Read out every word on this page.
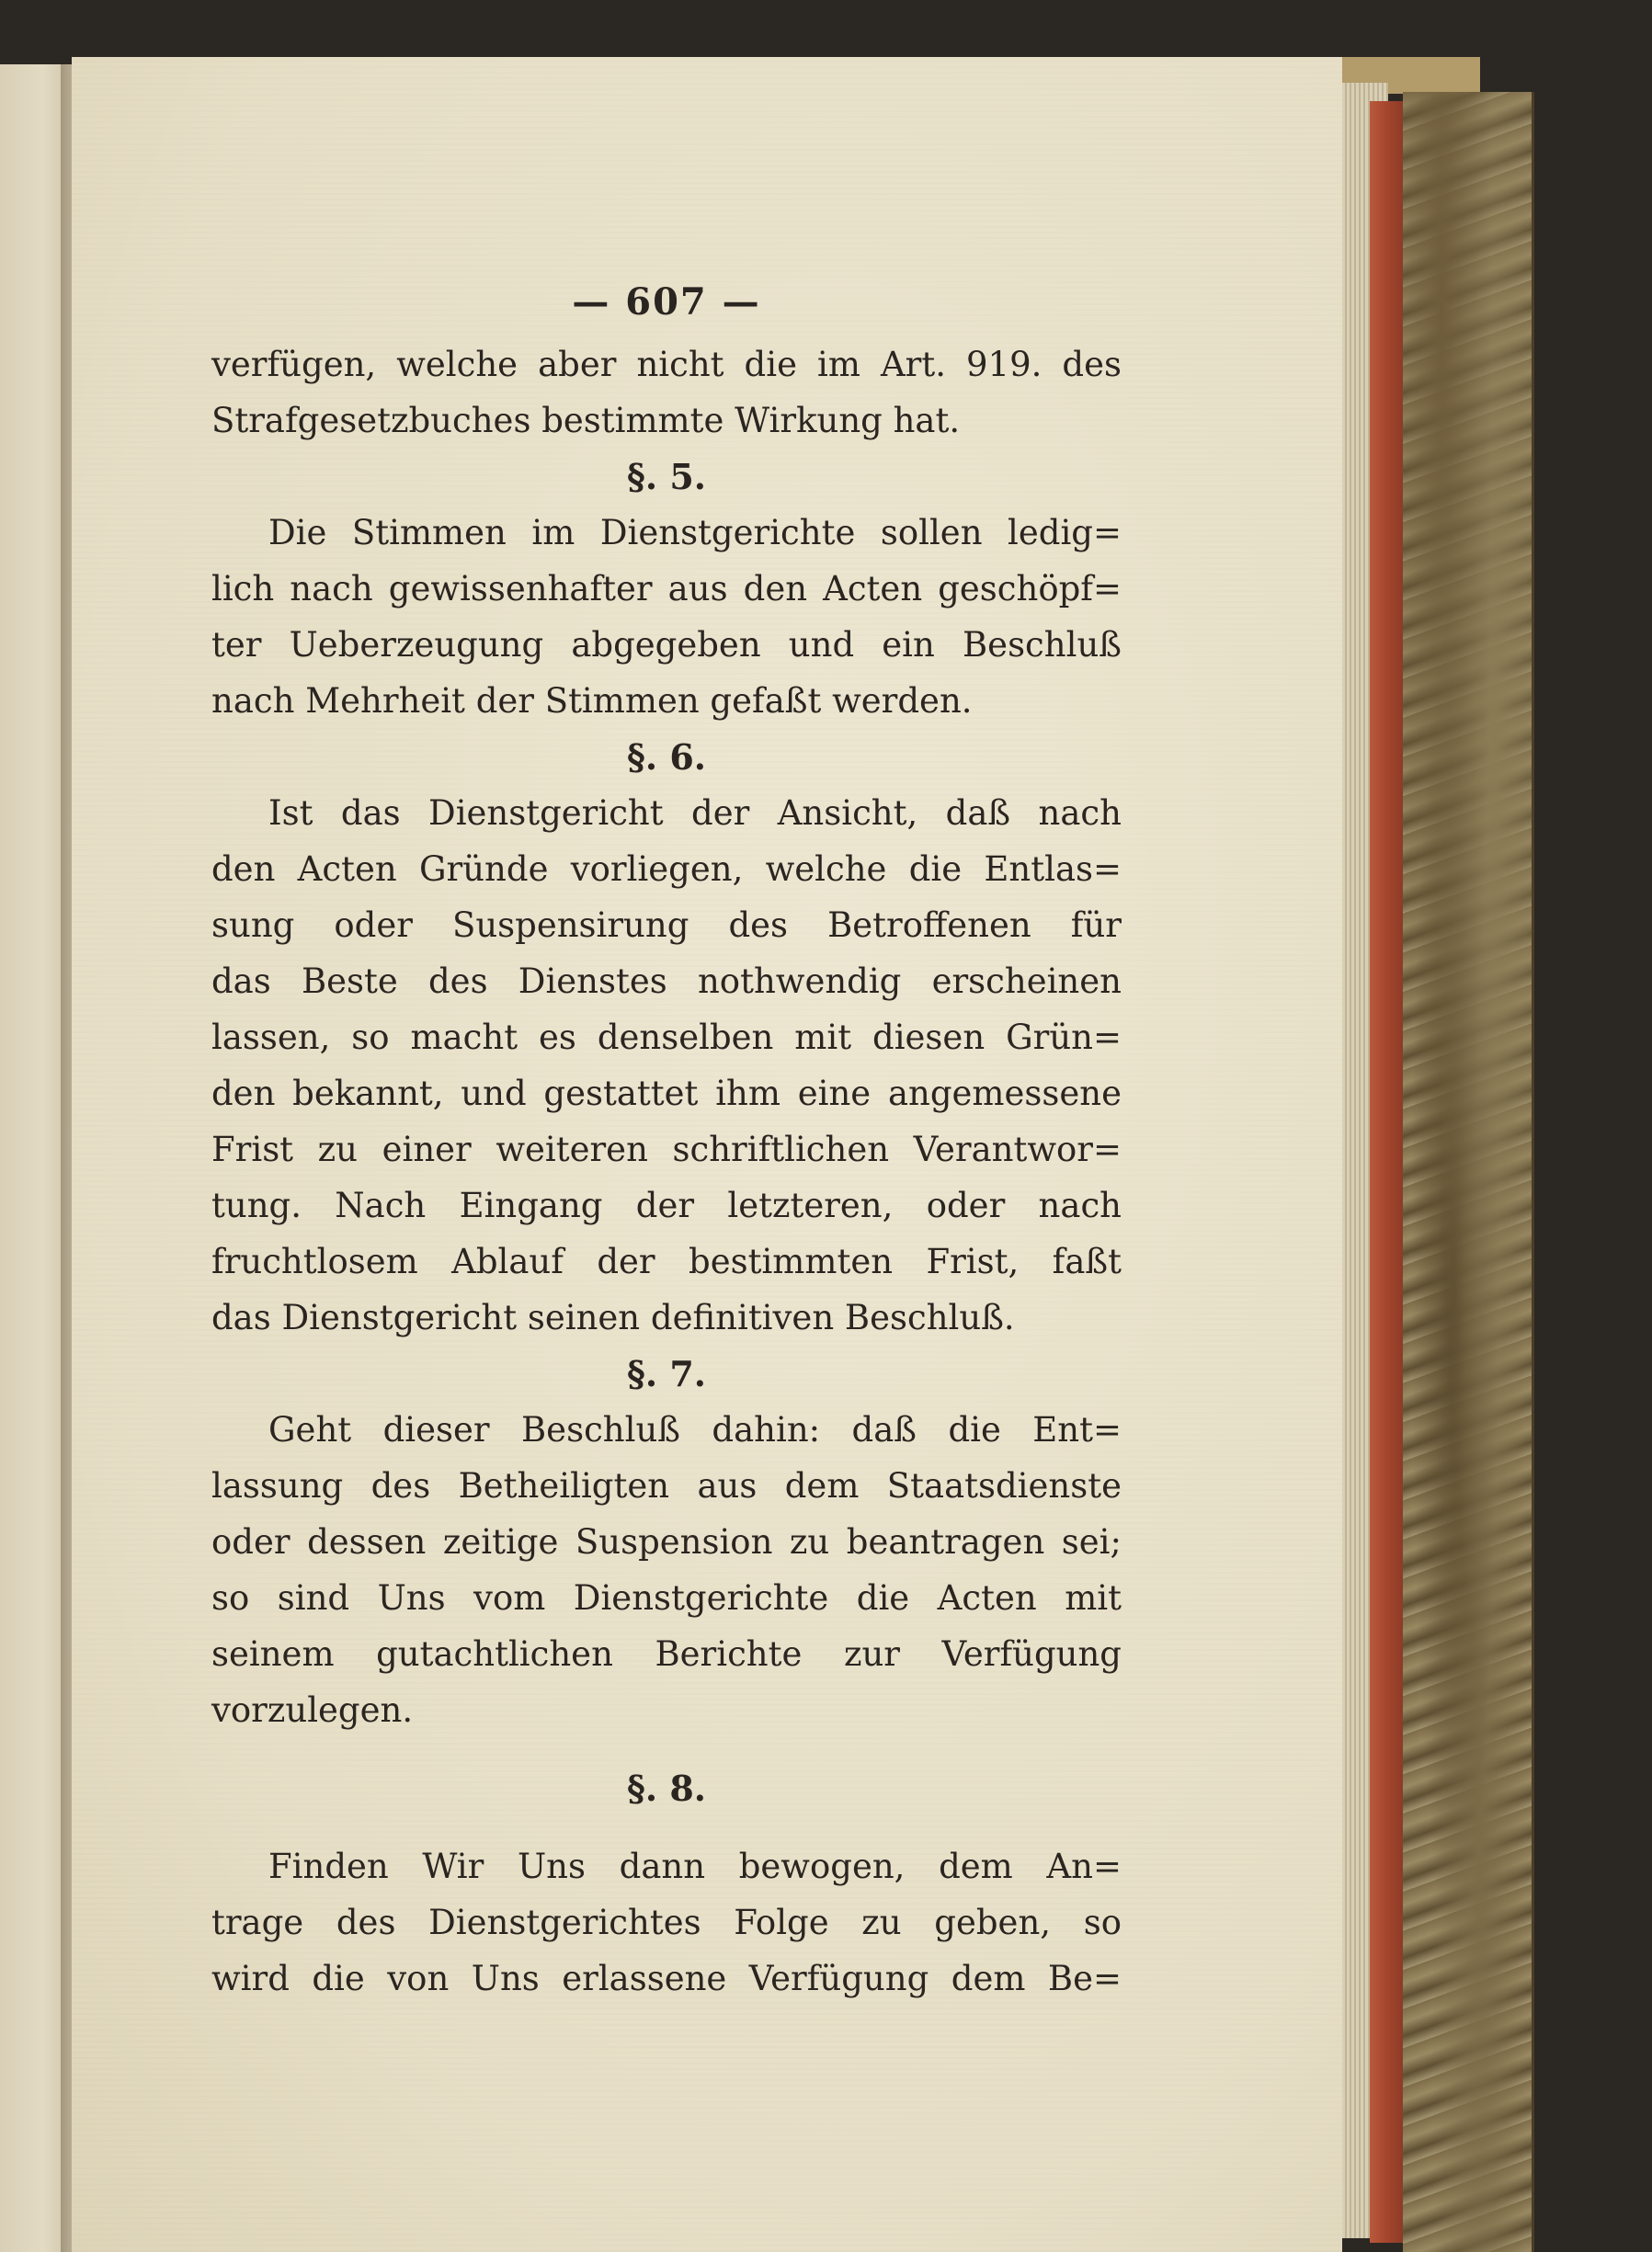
— 607 —
verfügen, welche aber nicht die im Art. 919. des
Strafgesetzbuches bestimmte Wirkung hat.
§. 5.
Die Stimmen im Dienstgerichte sollen ledig=
lich nach gewissenhafter aus den Acten geschöpf=
ter Ueberzeugung abgegeben und ein Beschluß
nach Mehrheit der Stimmen gefaßt werden.
§. 6.
Ist das Dienstgericht der Ansicht, daß nach
den Acten Gründe vorliegen, welche die Entlas=
sung oder Suspensirung des Betroffenen für
das Beste des Dienstes nothwendig erscheinen
lassen, so macht es denselben mit diesen Grün=
den bekannt, und gestattet ihm eine angemessene
Frist zu einer weiteren schriftlichen Verantwor=
tung. Nach Eingang der letzteren, oder nach
fruchtlosem Ablauf der bestimmten Frist, faßt
das Dienstgericht seinen definitiven Beschluß.
§. 7.
Geht dieser Beschluß dahin: daß die Ent=
lassung des Betheiligten aus dem Staatsdienste
oder dessen zeitige Suspension zu beantragen sei;
so sind Uns vom Dienstgerichte die Acten mit
seinem gutachtlichen Berichte zur Verfügung
vorzulegen.
§. 8.
Finden Wir Uns dann bewogen, dem An=
trage des Dienstgerichtes Folge zu geben, so
wird die von Uns erlassene Verfügung dem Be=
